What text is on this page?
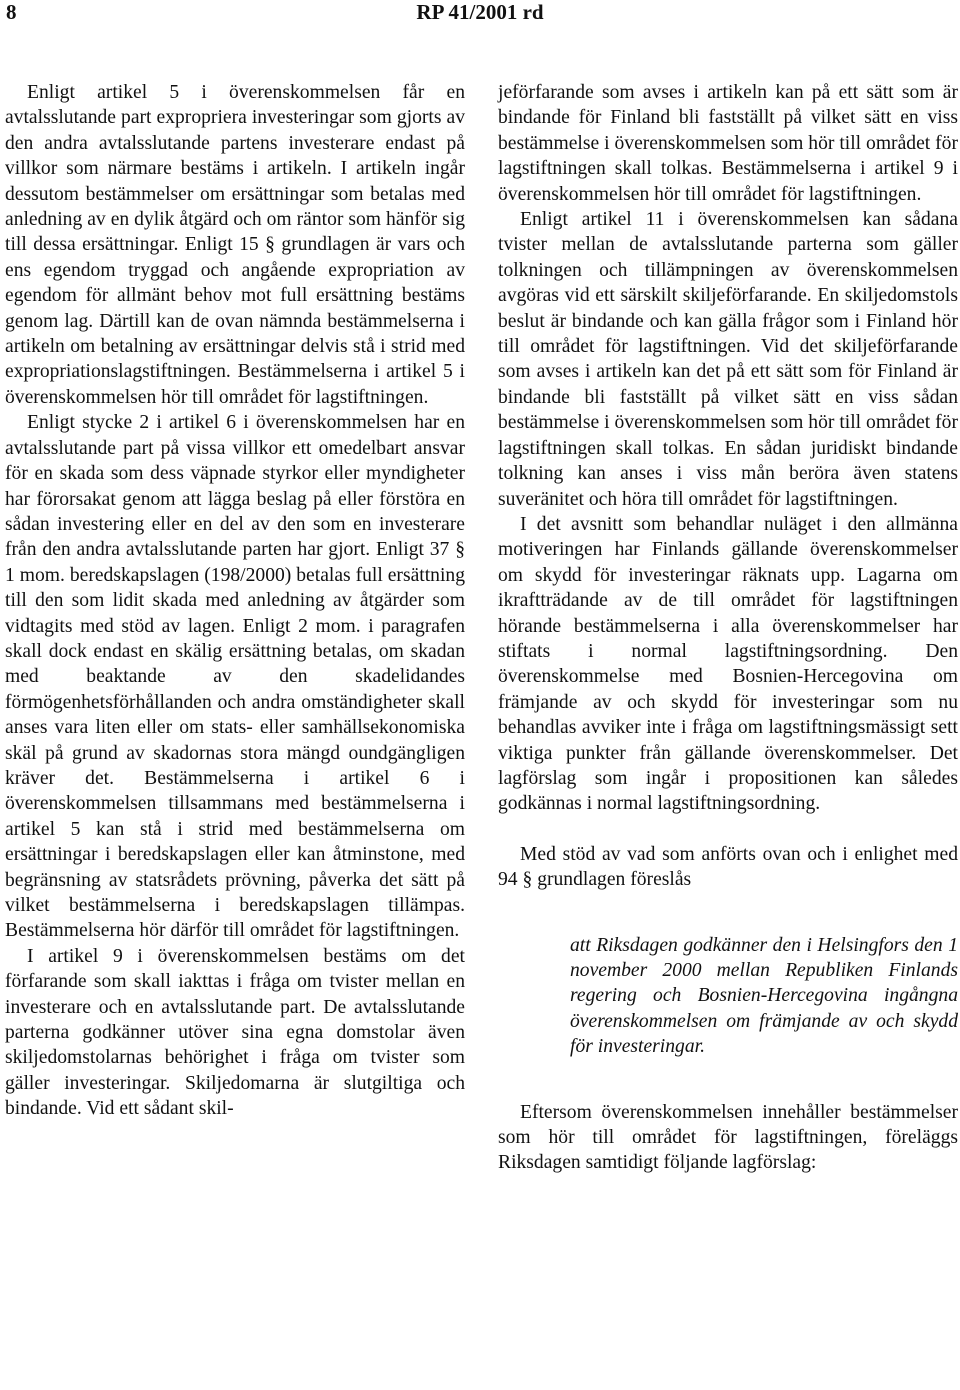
8	RP 41/2001 rd

Enligt artikel 5 i överenskommelsen får en avtalsslutande part expropriera investeringar som gjorts av den andra avtalsslutande partens investerare endast på villkor som närmare bestäms i artikeln. I artikeln ingår dessutom bestämmelser om ersättningar som betalas med anledning av en dylik åtgärd och om räntor som hänför sig till dessa ersättningar. Enligt 15 § grundlagen är vars och ens egendom tryggad och angående expropriation av egendom för allmänt behov mot full ersättning bestäms genom lag. Därtill kan de ovan nämnda bestämmelserna i artikeln om betalning av ersättningar delvis stå i strid med expropriationslagstiftningen. Bestämmelserna i artikel 5 i överenskommelsen hör till området för lagstiftningen.

Enligt stycke 2 i artikel 6 i överenskommelsen har en avtalsslutande part på vissa villkor ett omedelbart ansvar för en skada som dess väpnade styrkor eller myndigheter har förorsakat genom att lägga beslag på eller förstöra en sådan investering eller en del av den som en investerare från den andra avtalsslutande parten har gjort. Enligt 37 § 1 mom. beredskapslagen (198/2000) betalas full ersättning till den som lidit skada med anledning av åtgärder som vidtagits med stöd av lagen. Enligt 2 mom. i paragrafen skall dock endast en skälig ersättning betalas, om skadan med beaktande av den skadelidandes förmögenhetsförhållanden och andra omständigheter skall anses vara liten eller om stats- eller samhällsekonomiska skäl på grund av skadornas stora mängd oundgängligen kräver det. Bestämmelserna i artikel 6 i överenskommelsen tillsammans med bestämmelserna i artikel 5 kan stå i strid med bestämmelserna om ersättningar i beredskapslagen eller kan åtminstone, med begränsning av statsrådets prövning, påverka det sätt på vilket bestämmelserna i beredskapslagen tillämpas. Bestämmelserna hör därför till området för lagstiftningen.

I artikel 9 i överenskommelsen bestäms om det förfarande som skall iakttas i fråga om tvister mellan en investerare och en avtalsslutande part. De avtalsslutande parterna godkänner utöver sina egna domstolar även skiljedomstolarnas behörighet i fråga om tvister som gäller investeringar. Skiljedomarna är slutgiltiga och bindande. Vid ett sådant skil-

jeförfarande som avses i artikeln kan på ett sätt som är bindande för Finland bli fastställt på vilket sätt en viss bestämmelse i överenskommelsen som hör till området för lagstiftningen skall tolkas. Bestämmelserna i artikel 9 i överenskommelsen hör till området för lagstiftningen.

Enligt artikel 11 i överenskommelsen kan sådana tvister mellan de avtalsslutande parterna som gäller tolkningen och tillämpningen av överenskommelsen avgöras vid ett särskilt skiljeförfarande. En skiljedomstols beslut är bindande och kan gälla frågor som i Finland hör till området för lagstiftningen. Vid det skiljeförfarande som avses i artikeln kan det på ett sätt som för Finland är bindande bli fastställt på vilket sätt en viss sådan bestämmelse i överenskommelsen som hör till området för lagstiftningen skall tolkas. En sådan juridiskt bindande tolkning kan anses i viss mån beröra även statens suveränitet och höra till området för lagstiftningen.

I det avsnitt som behandlar nuläget i den allmänna motiveringen har Finlands gällande överenskommelser om skydd för investeringar räknats upp. Lagarna om ikraftträdande av de till området för lagstiftningen hörande bestämmelserna i alla överenskommelser har stiftats i normal lagstiftningsordning. Den överenskommelse med Bosnien-Hercegovina om främjande av och skydd för investeringar som nu behandlas avviker inte i fråga om lagstiftningsmässigt sett viktiga punkter från gällande överenskommelser. Det lagförslag som ingår i propositionen kan således godkännas i normal lagstiftningsordning.

Med stöd av vad som anförts ovan och i enlighet med 94 § grundlagen föreslås

att Riksdagen godkänner den i Helsingfors den 1 november 2000 mellan Republiken Finlands regering och Bosnien-Hercegovina ingångna överenskommelsen om främjande av och skydd för investeringar.

Eftersom överenskommelsen innehåller bestämmelser som hör till området för lagstiftningen, föreläggs Riksdagen samtidigt följande lagförslag:
